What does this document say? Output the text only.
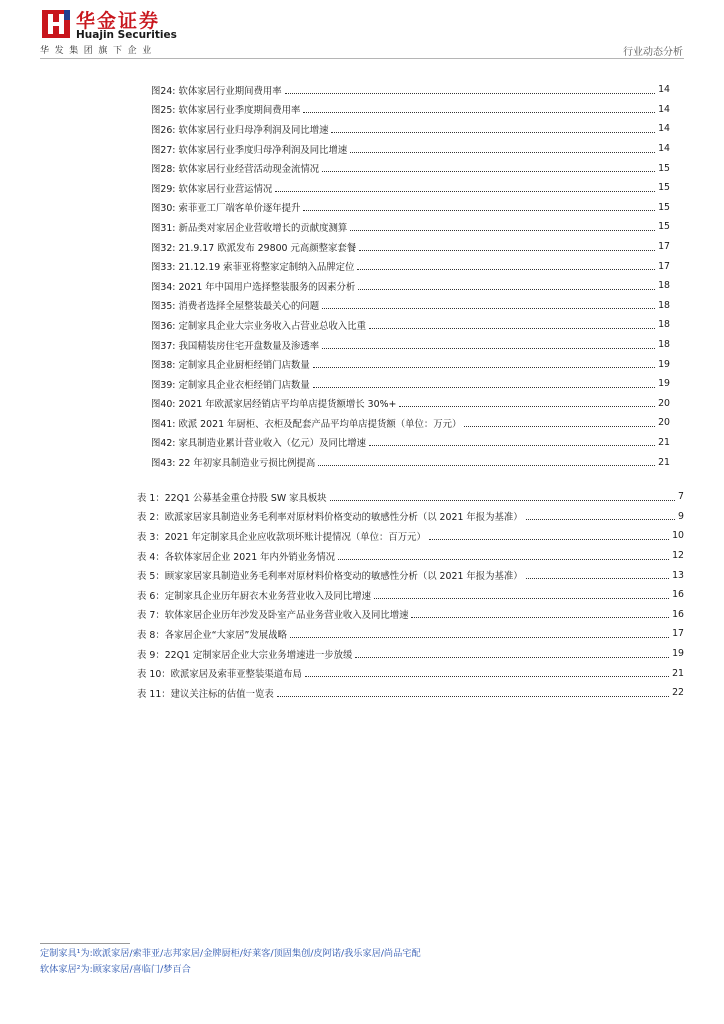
华金证券
Huajin Securities
华发集团旗下企业	行业动态分析
图24: 软体家居行业期间费用率	14
图25: 软体家居行业季度期间费用率	14
图26: 软体家居行业归母净利润及同比增速	14
图27: 软体家居行业季度归母净利润及同比增速	14
图28: 软体家居行业经营活动现金流情况	15
图29: 软体家居行业营运情况	15
图30: 索菲亚工厂端客单价逐年提升	15
图31: 新品类对家居企业营收增长的贡献度测算	15
图32: 21.9.17 欧派发布 29800 元高颜整家套餐	17
图33: 21.12.19 索菲亚将整家定制纳入品牌定位	17
图34: 2021 年中国用户选择整装服务的因素分析	18
图35: 消费者选择全屋整装最关心的问题	18
图36: 定制家具企业大宗业务收入占营业总收入比重	18
图37: 我国精装房住宅开盘数量及渗透率	18
图38: 定制家具企业厨柜经销门店数量	19
图39: 定制家具企业衣柜经销门店数量	19
图40: 2021 年欧派家居经销店平均单店提货额增长 30%+	20
图41: 欧派 2021 年厨柜、衣柜及配套产品平均单店提货额（单位：万元）	20
图42: 家具制造业累计营业收入（亿元）及同比增速	21
图43: 22 年初家具制造业亏损比例提高	21
表 1：22Q1 公募基金重仓持股 SW 家具板块	7
表 2：欧派家居家具制造业务毛利率对原材料价格变动的敏感性分析（以 2021 年报为基准）	9
表 3：2021 年定制家具企业应收款项坏账计提情况（单位：百万元）	10
表 4：各软体家居企业 2021 年内外销业务情况	12
表 5：顾家家居家具制造业务毛利率对原材料价格变动的敏感性分析（以 2021 年报为基准）	13
表 6：定制家具企业历年厨衣木业务营业收入及同比增速	16
表 7：软体家居企业历年沙发及卧室产品业务营业收入及同比增速	16
表 8：各家居企业“大家居”发展战略	17
表 9：22Q1 定制家居企业大宗业务增速进一步放缓	19
表 10：欧派家居及索菲亚整装渠道布局	21
表 11：建议关注标的估值一览表	22
定制家具¹为:欧派家居/索菲亚/志邦家居/金牌厨柜/好莱客/顶固集创/皮阿诺/我乐家居/尚品宅配
软体家居²为:顾家家居/喜临门/梦百合
